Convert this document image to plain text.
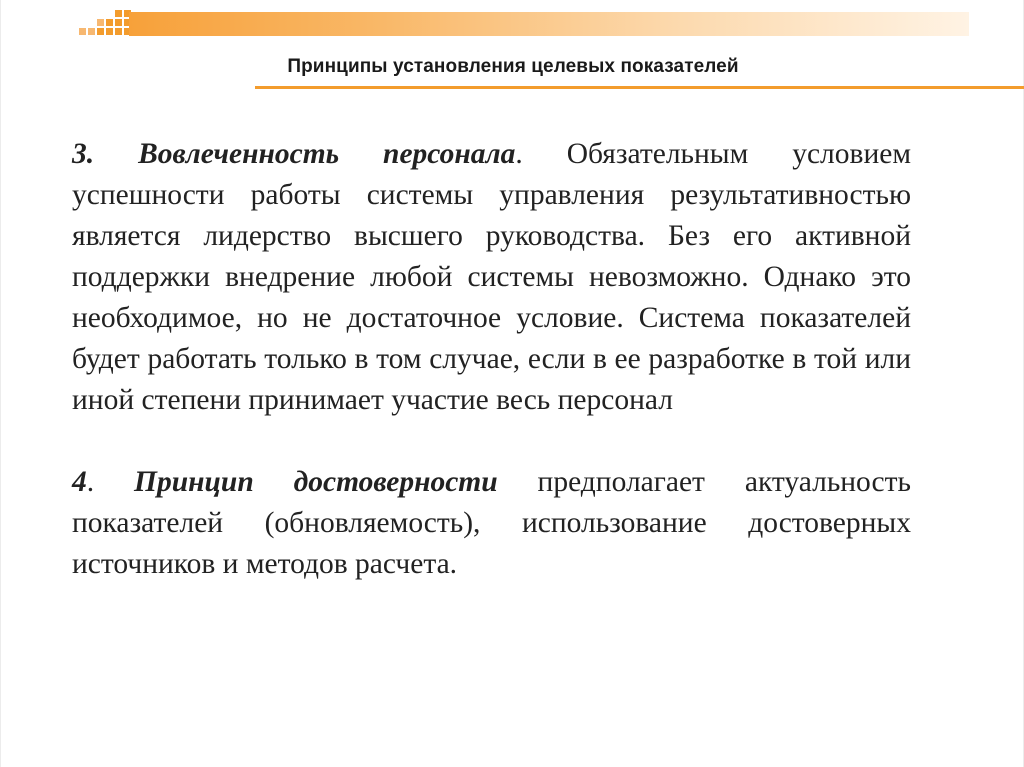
Принципы установления целевых показателей

3. Вовлеченность персонала. Обязательным условием успешности работы системы управления результативностью является лидерство высшего руководства. Без его активной поддержки внедрение любой системы невозможно. Однако это необходимое, но не достаточное условие. Система показателей будет работать только в том случае, если в ее разработке в той или иной степени принимает участие весь персонал

4. Принцип достоверности предполагает актуальность показателей (обновляемость), использование достоверных источников и методов расчета.
